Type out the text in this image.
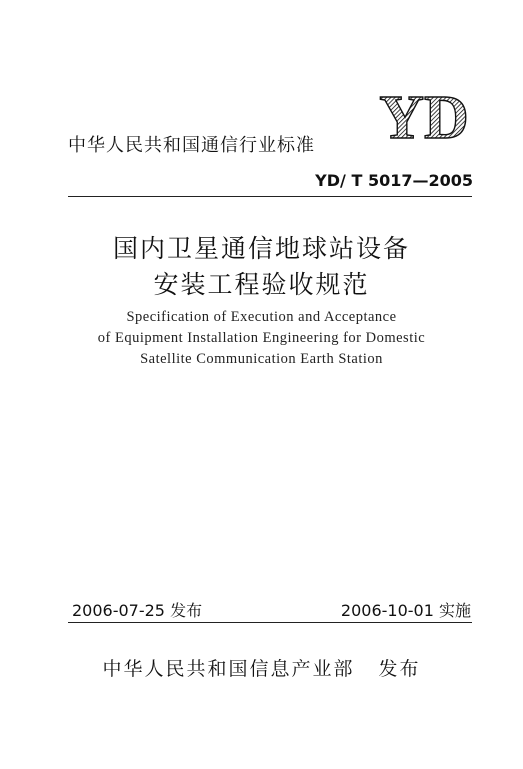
YD
中华人民共和国通信行业标准
YD/ T 5017—2005
国内卫星通信地球站设备
安装工程验收规范
Specification of Execution and Acceptance
of Equipment Installation Engineering for Domestic
Satellite Communication Earth Station
2006-07-25 发布	2006-10-01 实施
中华人民共和国信息产业部   发布
